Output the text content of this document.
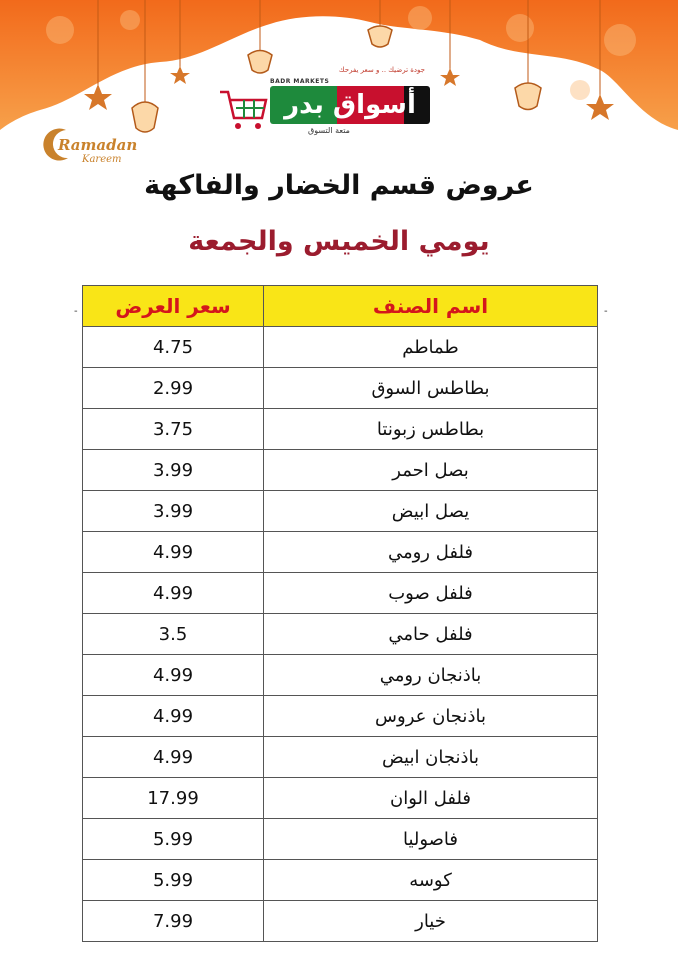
جودة ترضيك .. و سعر يفرحك
BADR MARKETS
أسواق بدر
متعة التسوق
Ramadan
Kareem
عروض قسم الخضار والفاكهة
يومي الخميس والجمعة
-	-
سعر العرض	اسم الصنف
4.75	طماطم
2.99	بطاطس السوق
3.75	بطاطس زبونتا
3.99	بصل احمر
3.99	يصل ابيض
4.99	فلفل رومي
4.99	فلفل صوب
3.5	فلفل حامي
4.99	باذنجان رومي
4.99	باذنجان عروس
4.99	باذنجان ابيض
17.99	فلفل الوان
5.99	فاصوليا
5.99	كوسه
7.99	خيار
